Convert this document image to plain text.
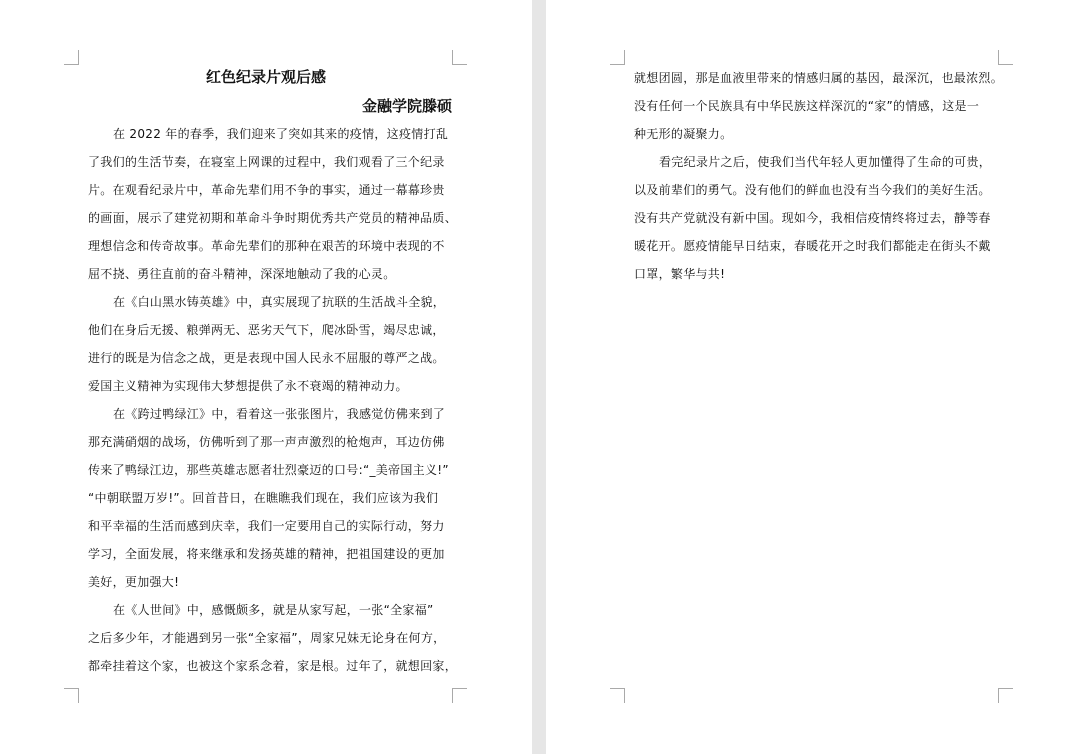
红色纪录片观后感
金融学院滕硕
在 2022 年的春季，我们迎来了突如其来的疫情，这疫情打乱
了我们的生活节奏，在寝室上网课的过程中，我们观看了三个纪录
片。在观看纪录片中，革命先辈们用不争的事实，通过一幕幕珍贵
的画面，展示了建党初期和革命斗争时期优秀共产党员的精神品质、
理想信念和传奇故事。革命先辈们的那种在艰苦的环境中表现的不
屈不挠、勇往直前的奋斗精神，深深地触动了我的心灵。
在《白山黑水铸英雄》中，真实展现了抗联的生活战斗全貌，
他们在身后无援、粮弹两无、恶劣天气下，爬冰卧雪，竭尽忠诚，
进行的既是为信念之战，更是表现中国人民永不屈服的尊严之战。
爱国主义精神为实现伟大梦想提供了永不衰竭的精神动力。
在《跨过鸭绿江》中，看着这一张张图片，我感觉仿佛来到了
那充满硝烟的战场，仿佛听到了那一声声激烈的枪炮声，耳边仿佛
传来了鸭绿江边，那些英雄志愿者壮烈豪迈的口号:“_美帝国主义!”
“中朝联盟万岁!”。回首昔日，在瞧瞧我们现在，我们应该为我们
和平幸福的生活而感到庆幸，我们一定要用自己的实际行动，努力
学习，全面发展，将来继承和发扬英雄的精神，把祖国建设的更加
美好，更加强大!
在《人世间》中，感慨颇多，就是从家写起，一张“全家福”
之后多少年，才能遇到另一张“全家福”，周家兄妹无论身在何方，
都牵挂着这个家，也被这个家系念着，家是根。过年了，就想回家，
就想团圆，那是血液里带来的情感归属的基因，最深沉，也最浓烈。
没有任何一个民族具有中华民族这样深沉的“家”的情感，这是一
种无形的凝聚力。
看完纪录片之后，使我们当代年轻人更加懂得了生命的可贵，
以及前辈们的勇气。没有他们的鲜血也没有当今我们的美好生活。
没有共产党就没有新中国。现如今，我相信疫情终将过去，静等春
暖花开。愿疫情能早日结束，春暖花开之时我们都能走在街头不戴
口罩，繁华与共!
